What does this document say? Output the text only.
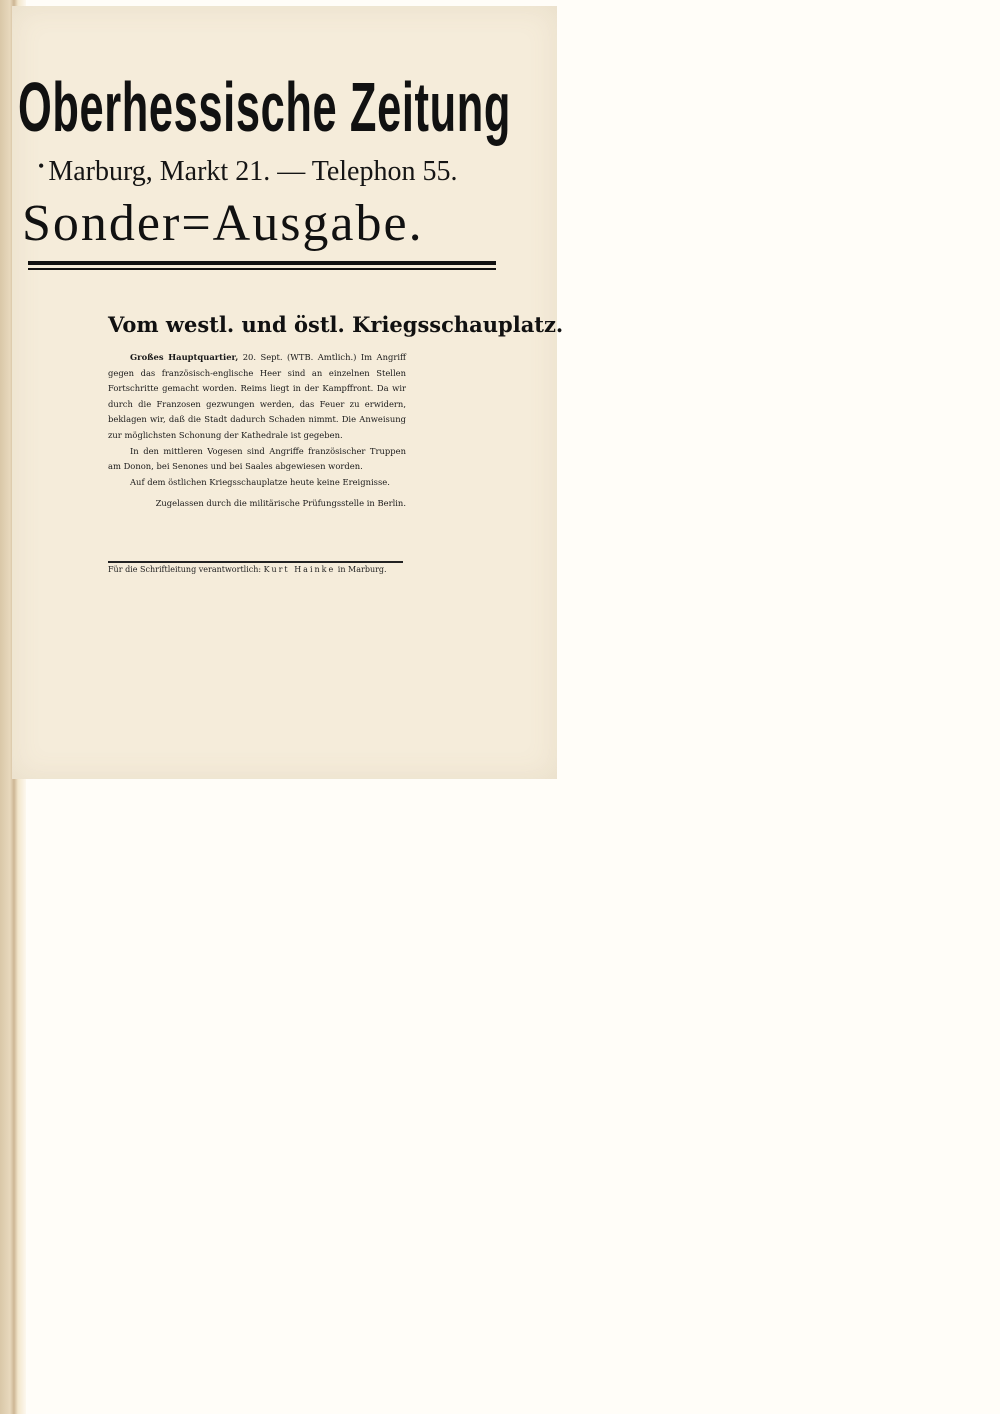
Oberhessische Zeitung
• Marburg, Markt 21. — Telephon 55.
Sonder=Ausgabe.
Vom westl. und östl. Kriegsschauplatz.

Großes Hauptquartier, 20. Sept. (WTB. Amtlich.) Im Angriff gegen das französisch-englische Heer sind an einzelnen Stellen Fortschritte gemacht worden. Reims liegt in der Kampffront. Da wir durch die Franzosen gezwungen werden, das Feuer zu erwidern, beklagen wir, daß die Stadt dadurch Schaden nimmt. Die Anweisung zur möglichsten Schonung der Kathedrale ist gegeben.

In den mittleren Vogesen sind Angriffe französischer Truppen am Donon, bei Senones und bei Saales abgewiesen worden.

Auf dem östlichen Kriegsschauplatze heute keine Ereignisse.

Zugelassen durch die militärische Prüfungsstelle in Berlin.

Für die Schriftleitung verantwortlich: Kurt Hainke in Marburg.
